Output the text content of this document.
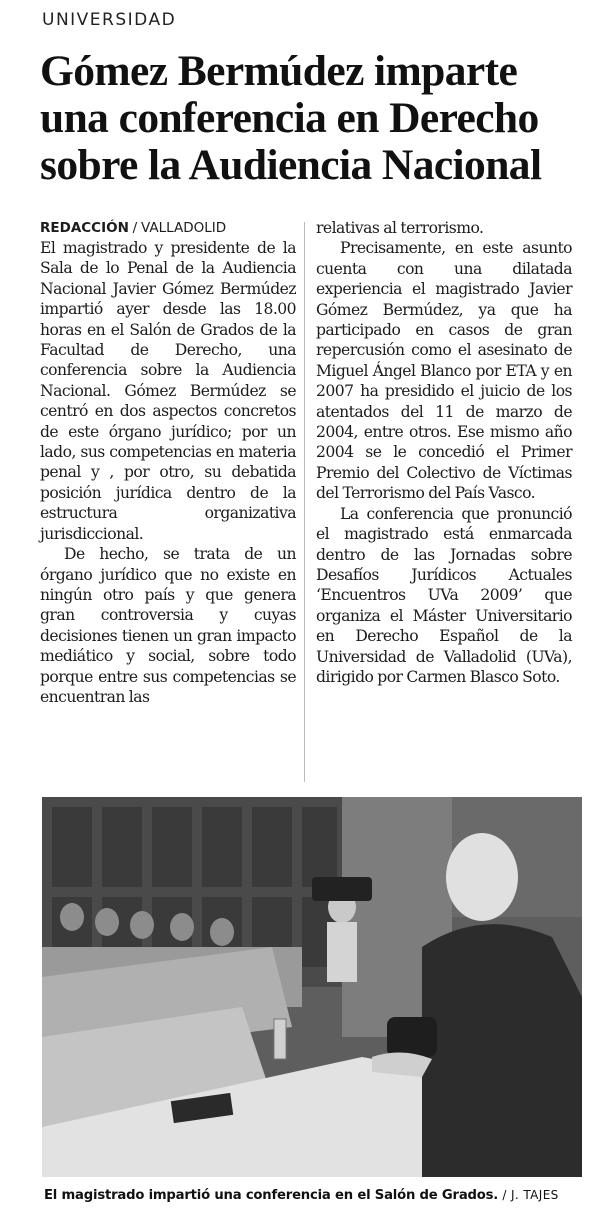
UNIVERSIDAD
Gómez Bermúdez imparte
una conferencia en Derecho
sobre la Audiencia Nacional
REDACCIÓN / VALLADOLID

El magistrado y presidente de la Sala de lo Penal de la Audiencia Nacional Javier Gómez Bermúdez impartió ayer desde las 18.00 horas en el Salón de Grados de la Facultad de Derecho, una conferencia sobre la Audiencia Nacional. Gómez Bermúdez se centró en dos aspectos concretos de este órgano jurídico; por un lado, sus competencias en materia penal y , por otro, su debatida posición jurídica dentro de la estructura organizativa jurisdiccional.

De hecho, se trata de un órgano jurídico que no existe en ningún otro país y que genera gran controversia y cuyas decisiones tienen un gran impacto mediático y social, sobre todo porque entre sus competencias se encuentran las

relativas al terrorismo.

Precisamente, en este asunto cuenta con una dilatada experiencia el magistrado Javier Gómez Bermúdez, ya que ha participado en casos de gran repercusión como el asesinato de Miguel Ángel Blanco por ETA y en 2007 ha presidido el juicio de los atentados del 11 de marzo de 2004, entre otros. Ese mismo año 2004 se le concedió el Primer Premio del Colectivo de Víctimas del Terrorismo del País Vasco.

La conferencia que pronunció el magistrado está enmarcada dentro de las Jornadas sobre Desafíos Jurídicos Actuales ‘Encuentros UVa 2009’ que organiza el Máster Universitario en Derecho Español de la Universidad de Valladolid (UVa), dirigido por Carmen Blasco Soto.

El magistrado impartió una conferencia en el Salón de Grados. / J. TAJES
